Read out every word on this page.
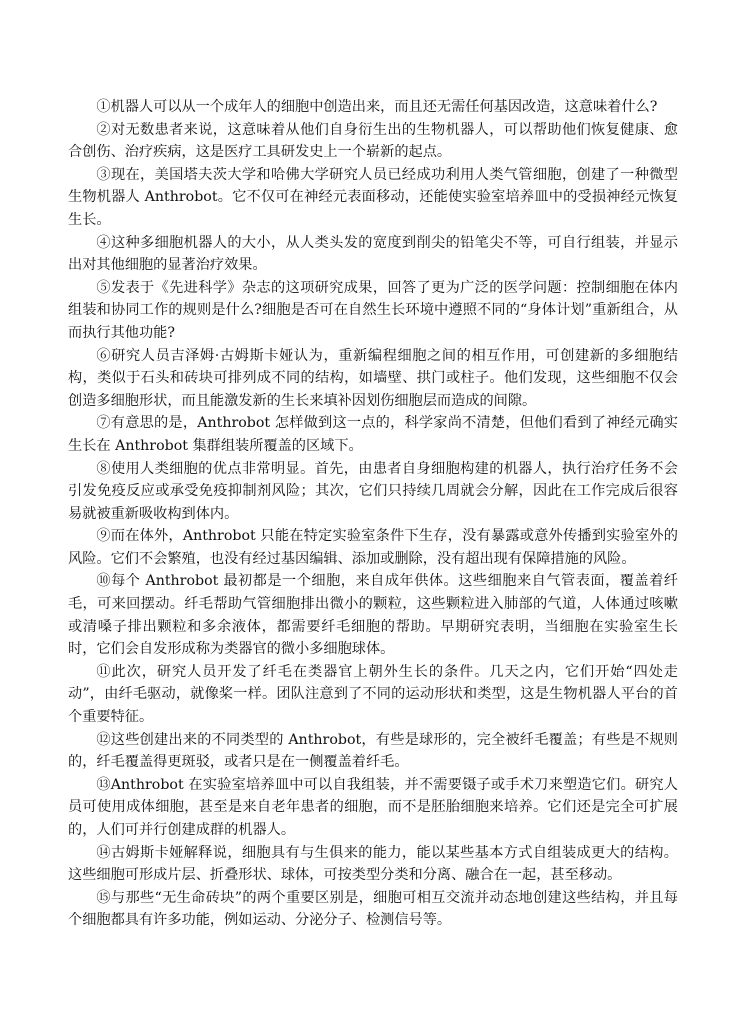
①机器人可以从一个成年人的细胞中创造出来，而且还无需任何基因改造，这意味着什么?

②对无数患者来说，这意味着从他们自身衍生出的生物机器人，可以帮助他们恢复健康、愈合创伤、治疗疾病，这是医疗工具研发史上一个崭新的起点。

③现在，美国塔夫茨大学和哈佛大学研究人员已经成功利用人类气管细胞，创建了一种微型生物机器人 Anthrobot。它不仅可在神经元表面移动，还能使实验室培养皿中的受损神经元恢复生长。

④这种多细胞机器人的大小，从人类头发的宽度到削尖的铅笔尖不等，可自行组装，并显示出对其他细胞的显著治疗效果。

⑤发表于《先进科学》杂志的这项研究成果，回答了更为广泛的医学问题：控制细胞在体内组装和协同工作的规则是什么?细胞是否可在自然生长环境中遵照不同的“身体计划”重新组合，从而执行其他功能?

⑥研究人员吉泽姆·古姆斯卡娅认为，重新编程细胞之间的相互作用，可创建新的多细胞结构，类似于石头和砖块可排列成不同的结构，如墙壁、拱门或柱子。他们发现，这些细胞不仅会创造多细胞形状，而且能激发新的生长来填补因划伤细胞层而造成的间隙。

⑦有意思的是，Anthrobot 怎样做到这一点的，科学家尚不清楚，但他们看到了神经元确实生长在 Anthrobot 集群组装所覆盖的区域下。

⑧使用人类细胞的优点非常明显。首先，由患者自身细胞构建的机器人，执行治疗任务不会引发免疫反应或承受免疫抑制剂风险；其次，它们只持续几周就会分解，因此在工作完成后很容易就被重新吸收构到体内。

⑨而在体外，Anthrobot 只能在特定实验室条件下生存，没有暴露或意外传播到实验室外的风险。它们不会繁殖，也没有经过基因编辑、添加或删除，没有超出现有保障措施的风险。

⑩每个 Anthrobot 最初都是一个细胞，来自成年供体。这些细胞来自气管表面，覆盖着纤毛，可来回摆动。纤毛帮助气管细胞排出微小的颗粒，这些颗粒进入肺部的气道，人体通过咳嗽或清嗓子排出颗粒和多余液体，都需要纤毛细胞的帮助。早期研究表明，当细胞在实验室生长时，它们会自发形成称为类器官的微小多细胞球体。

⑪此次，研究人员开发了纤毛在类器官上朝外生长的条件。几天之内，它们开始“四处走动”，由纤毛驱动，就像桨一样。团队注意到了不同的运动形状和类型，这是生物机器人平台的首个重要特征。

⑫这些创建出来的不同类型的 Anthrobot，有些是球形的，完全被纤毛覆盖；有些是不规则的，纤毛覆盖得更斑驳，或者只是在一侧覆盖着纤毛。

⑬Anthrobot 在实验室培养皿中可以自我组装，并不需要镊子或手术刀来塑造它们。研究人员可使用成体细胞，甚至是来自老年患者的细胞，而不是胚胎细胞来培养。它们还是完全可扩展的，人们可并行创建成群的机器人。

⑭古姆斯卡娅解释说，细胞具有与生俱来的能力，能以某些基本方式自组装成更大的结构。这些细胞可形成片层、折叠形状、球体，可按类型分类和分离、融合在一起，甚至移动。

⑮与那些“无生命砖块”的两个重要区别是，细胞可相互交流并动态地创建这些结构，并且每个细胞都具有许多功能，例如运动、分泌分子、检测信号等。
